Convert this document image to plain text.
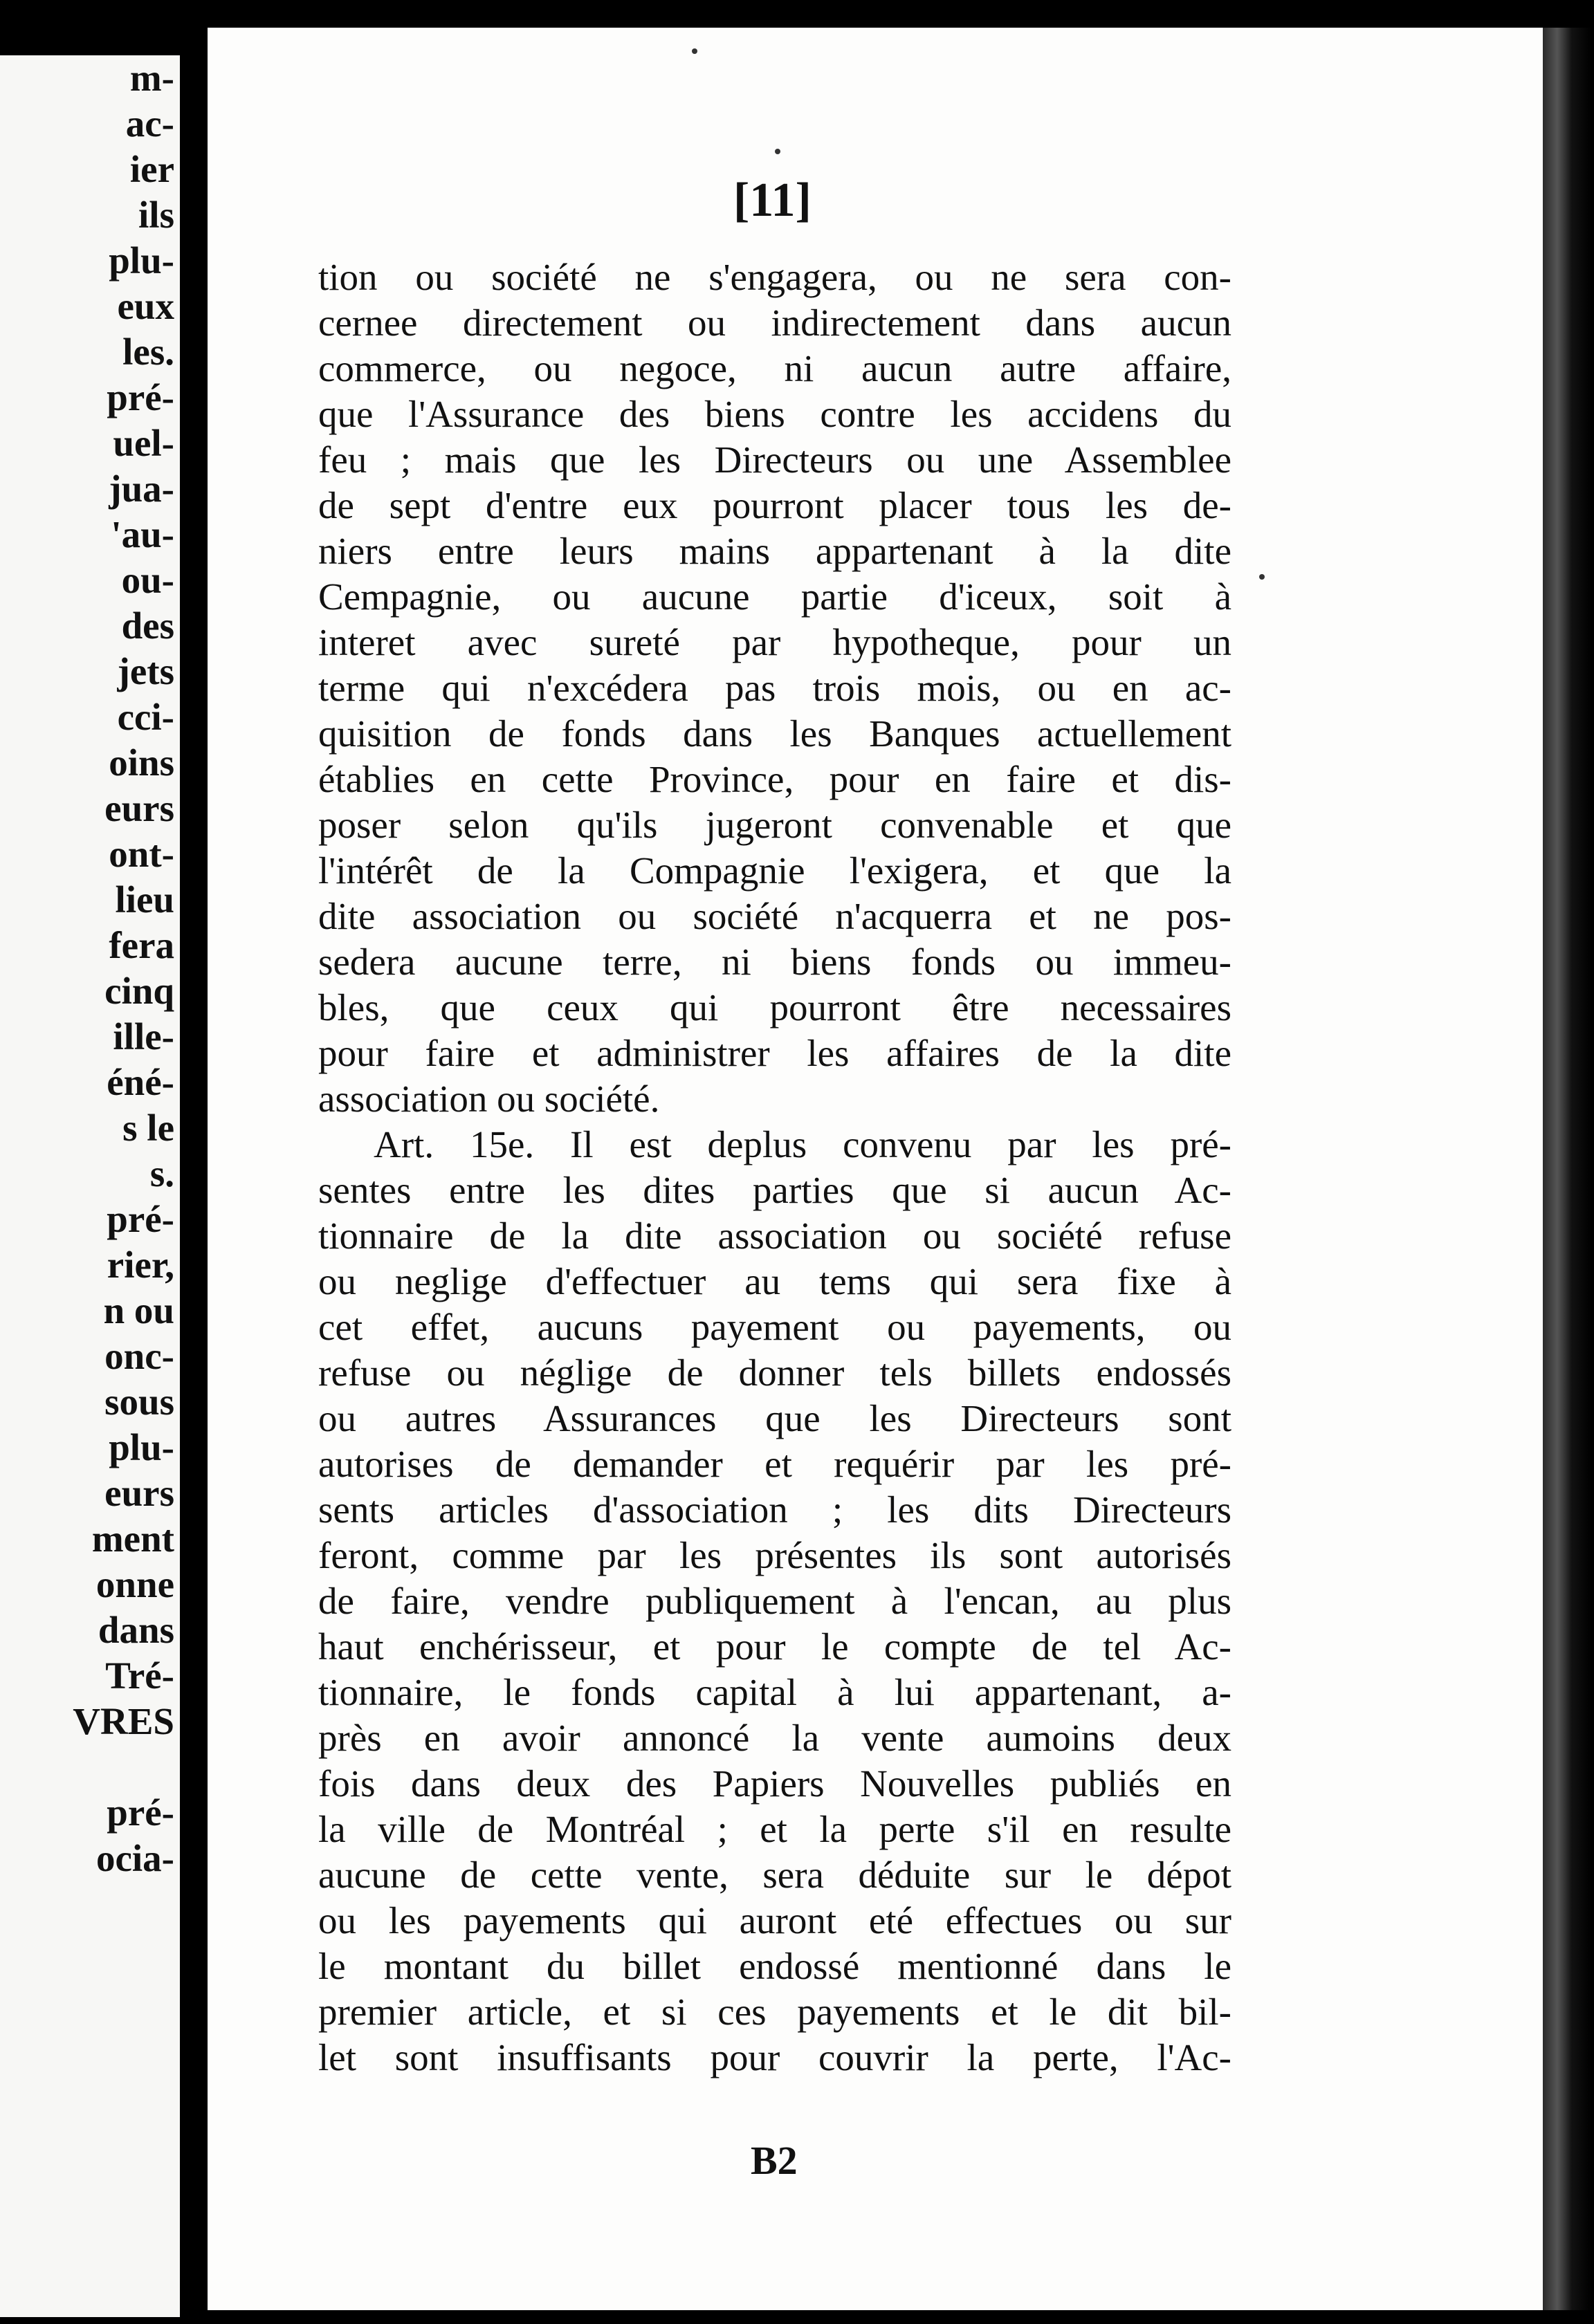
m-
ac-
ier
ils
plu-
eux
les.
pré-
uel-
jua-
'au-
ou-
des
jets
cci-
oins
eurs
ont-
lieu
fera
cinq
ille-
éné-
s le
s.
pré-
rier,
n ou
onc-
sous
plu-
eurs
ment
onne
dans
Tré-
VRES
pré-
ocia-
[11]
tion ou société ne s'engagera, ou ne sera con-
cernee directement ou indirectement dans aucun
commerce, ou negoce, ni aucun autre affaire,
que l'Assurance des biens contre les accidens du
feu ; mais que les Directeurs ou une Assemblee
de sept d'entre eux pourront placer tous les de-
niers entre leurs mains appartenant à la dite
Cempagnie, ou aucune partie d'iceux, soit à
interet avec sureté par hypotheque, pour un
terme qui n'excédera pas trois mois, ou en ac-
quisition de fonds dans les Banques actuellement
établies en cette Province, pour en faire et dis-
poser selon qu'ils jugeront convenable et que
l'intérêt de la Compagnie l'exigera, et que la
dite association ou société n'acquerra et ne pos-
sedera aucune terre, ni biens fonds ou immeu-
bles, que ceux qui pourront être necessaires
pour faire et administrer les affaires de la dite
association ou société.
Art. 15e. Il est deplus convenu par les pré-
sentes entre les dites parties que si aucun Ac-
tionnaire de la dite association ou société refuse
ou neglige d'effectuer au tems qui sera fixe à
cet effet, aucuns payement ou payements, ou
refuse ou néglige de donner tels billets endossés
ou autres Assurances que les Directeurs sont
autorises de demander et requérir par les pré-
sents articles d'association ; les dits Directeurs
feront, comme par les présentes ils sont autorisés
de faire, vendre publiquement à l'encan, au plus
haut enchérisseur, et pour le compte de tel Ac-
tionnaire, le fonds capital à lui appartenant, a-
près en avoir annoncé la vente aumoins deux
fois dans deux des Papiers Nouvelles publiés en
la ville de Montréal ; et la perte s'il en resulte
aucune de cette vente, sera déduite sur le dépot
ou les payements qui auront eté effectues ou sur
le montant du billet endossé mentionné dans le
premier article, et si ces payements et le dit bil-
let sont insuffisants pour couvrir la perte, l'Ac-
B2
